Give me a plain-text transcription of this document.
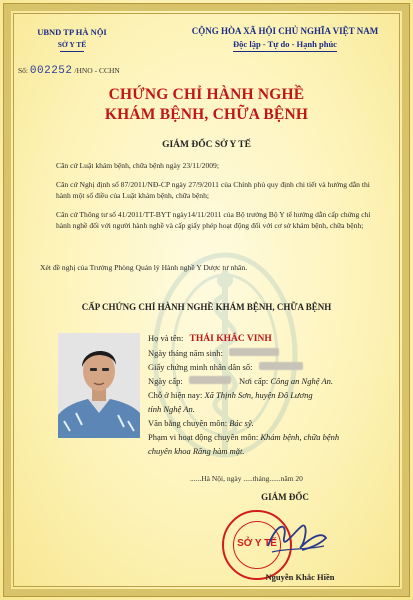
UBND TP HÀ NỘI
SỞ Y TẾ
CỘNG HÒA XÃ HỘI CHỦ NGHĨA VIỆT NAM
Độc lập - Tự do - Hạnh phúc
Số: 002252 /HNO - CCHN
CHỨNG CHỈ HÀNH NGHỀ
KHÁM BỆNH, CHỮA BỆNH
GIÁM ĐỐC SỞ Y TẾ
Căn cứ Luật khám bệnh, chữa bệnh ngày 23/11/2009;
Căn cứ Nghị định số 87/2011/NĐ-CP ngày 27/9/2011 của Chính phủ quy định chi tiết và hướng dẫn thi hành một số điều của Luật khám bệnh, chữa bệnh;
Căn cứ Thông tư số 41/2011/TT-BYT ngày14/11/2011 của Bộ trưởng Bộ Y tế hướng dẫn cấp chứng chỉ hành nghề đối với người hành nghề và cấp giấy phép hoạt động đối với cơ sở khám bệnh, chữa bệnh;
Xét đề nghị của Trưởng Phòng Quản lý Hành nghề Y Dược tư nhân.
CẤP CHỨNG CHỈ HÀNH NGHỀ KHÁM BỆNH, CHỮA BỆNH
Họ và tên: THÁI KHẮC VINH
Ngày tháng năm sinh:
Giấy chứng minh nhân dân số:
Ngày cấp:	Nơi cấp: Công an Nghệ An.
Chỗ ở hiện nay: Xã Thịnh Sơn, huyện Đô Lương
tỉnh Nghệ An.
Văn bằng chuyên môn: Bác sỹ.
Phạm vi hoạt động chuyên môn: Khám bệnh, chữa bệnh
chuyên khoa Răng hàm mặt.
......Hà Nội, ngày .....tháng......năm 20
GIÁM ĐỐC
SỞ Y TẾ
Nguyễn Khắc Hiền
